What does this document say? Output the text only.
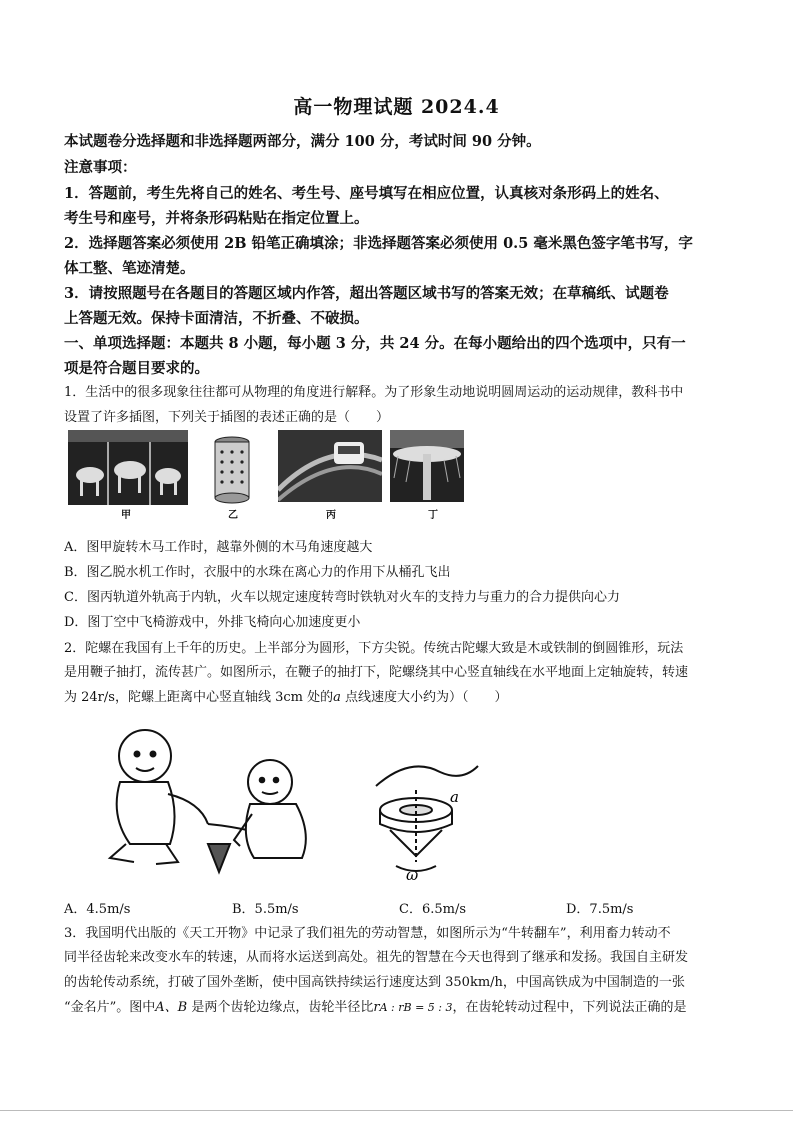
高一物理试题 2024.4
本试题卷分选择题和非选择题两部分，满分 100 分，考试时间 90 分钟。
注意事项：
1．答题前，考生先将自己的姓名、考生号、座号填写在相应位置，认真核对条形码上的姓名、
考生号和座号，并将条形码粘贴在指定位置上。
2．选择题答案必须使用 2B 铅笔正确填涂；非选择题答案必须使用 0.5 毫米黑色签字笔书写，字
体工整、笔迹清楚。
3．请按照题号在各题目的答题区域内作答，超出答题区域书写的答案无效；在草稿纸、试题卷
上答题无效。保持卡面清洁，不折叠、不破损。
一、单项选择题：本题共 8 小题，每小题 3 分，共 24 分。在每小题给出的四个选项中，只有一
项是符合题目要求的。
1．生活中的很多现象往往都可从物理的角度进行解释。为了形象生动地说明圆周运动的运动规律，教科书中
设置了许多插图，下列关于插图的表述正确的是（　　）
甲	乙	丙	丁
A．图甲旋转木马工作时，越靠外侧的木马角速度越大
B．图乙脱水机工作时，衣服中的水珠在离心力的作用下从桶孔飞出
C．图丙轨道外轨高于内轨，火车以规定速度转弯时铁轨对火车的支持力与重力的合力提供向心力
D．图丁空中飞椅游戏中，外排飞椅向心加速度更小
2．陀螺在我国有上千年的历史。上半部分为圆形，下方尖锐。传统古陀螺大致是木或铁制的倒圆锥形，玩法
是用鞭子抽打，流传甚广。如图所示，在鞭子的抽打下，陀螺绕其中心竖直轴线在水平地面上定轴旋转，转速
为 24r/s，陀螺上距离中心竖直轴线 3cm 处的a 点线速度大小约为）（　　）
a
ω
A．4.5m/s	B．5.5m/s	C．6.5m/s	D．7.5m/s
3．我国明代出版的《天工开物》中记录了我们祖先的劳动智慧，如图所示为“牛转翻车”，利用畜力转动不
同半径齿轮来改变水车的转速，从而将水运送到高处。祖先的智慧在今天也得到了继承和发扬。我国自主研发
的齿轮传动系统，打破了国外垄断，使中国高铁持续运行速度达到 350km/h，中国高铁成为中国制造的一张
“金名片”。图中A、B 是两个齿轮边缘点，齿轮半径比rA : rB = 5 : 3，在齿轮转动过程中，下列说法正确的是
